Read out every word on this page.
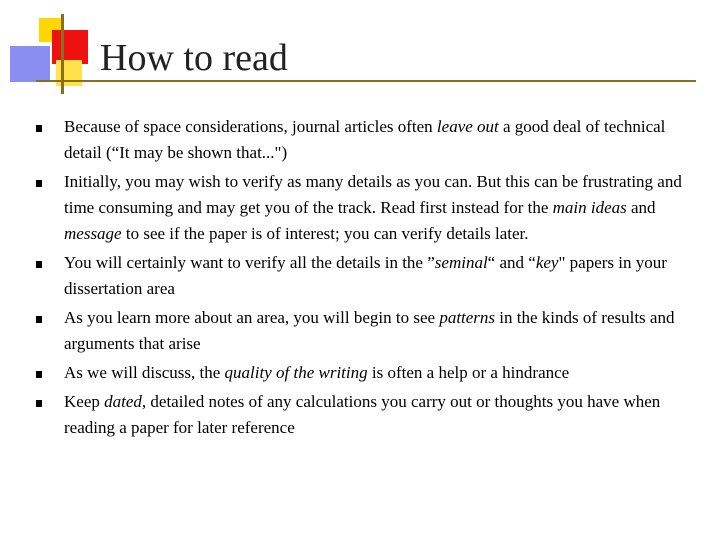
How to read
Because of space considerations, journal articles often leave out a good deal of technical detail (“It may be shown that...")
Initially, you may wish to verify as many details as you can. But this can be frustrating and time consuming and may get you of the track. Read first instead for the main ideas and message to see if the paper is of interest; you can verify details later.
You will certainly want to verify all the details in the ”seminal“ and “key" papers in your dissertation area
As you learn more about an area, you will begin to see patterns in the kinds of results and arguments that arise
As we will discuss, the quality of the writing is often a help or a hindrance
Keep dated, detailed notes of any calculations you carry out or thoughts you have when reading a paper for later reference
